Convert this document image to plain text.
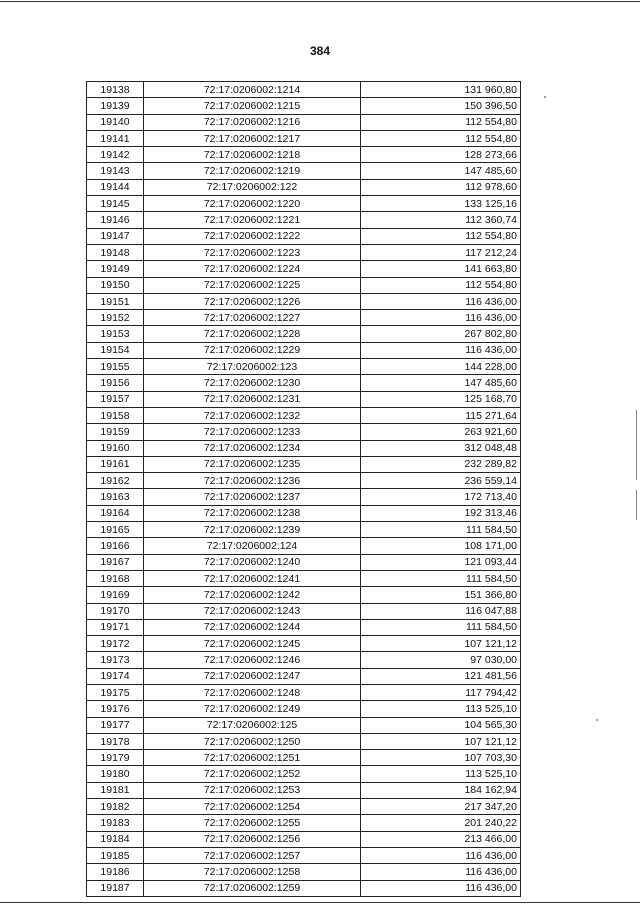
384
19138	72:17:0206002:1214	131 960,80
19139	72:17:0206002:1215	150 396,50
19140	72:17:0206002:1216	112 554,80
19141	72:17:0206002:1217	112 554,80
19142	72:17:0206002:1218	128 273,66
19143	72:17:0206002:1219	147 485,60
19144	72:17:0206002:122	112 978,60
19145	72:17:0206002:1220	133 125,16
19146	72:17:0206002:1221	112 360,74
19147	72:17:0206002:1222	112 554,80
19148	72:17:0206002:1223	117 212,24
19149	72:17:0206002:1224	141 663,80
19150	72:17:0206002:1225	112 554,80
19151	72:17:0206002:1226	116 436,00
19152	72:17:0206002:1227	116 436,00
19153	72:17:0206002:1228	267 802,80
19154	72:17:0206002:1229	116 436,00
19155	72:17:0206002:123	144 228,00
19156	72:17:0206002:1230	147 485,60
19157	72:17:0206002:1231	125 168,70
19158	72:17:0206002:1232	115 271,64
19159	72:17:0206002:1233	263 921,60
19160	72:17:0206002:1234	312 048,48
19161	72:17:0206002:1235	232 289,82
19162	72:17:0206002:1236	236 559,14
19163	72:17:0206002:1237	172 713,40
19164	72:17:0206002:1238	192 313,46
19165	72:17:0206002:1239	111 584,50
19166	72:17:0206002:124	108 171,00
19167	72:17:0206002:1240	121 093,44
19168	72:17:0206002:1241	111 584,50
19169	72:17:0206002:1242	151 366,80
19170	72:17:0206002:1243	116 047,88
19171	72:17:0206002:1244	111 584,50
19172	72:17:0206002:1245	107 121,12
19173	72:17:0206002:1246	97 030,00
19174	72:17:0206002:1247	121 481,56
19175	72:17:0206002:1248	117 794,42
19176	72:17:0206002:1249	113 525,10
19177	72:17:0206002:125	104 565,30
19178	72:17:0206002:1250	107 121,12
19179	72:17:0206002:1251	107 703,30
19180	72:17:0206002:1252	113 525,10
19181	72:17:0206002:1253	184 162,94
19182	72:17:0206002:1254	217 347,20
19183	72:17:0206002:1255	201 240,22
19184	72:17:0206002:1256	213 466,00
19185	72:17:0206002:1257	116 436,00
19186	72:17:0206002:1258	116 436,00
19187	72:17:0206002:1259	116 436,00
